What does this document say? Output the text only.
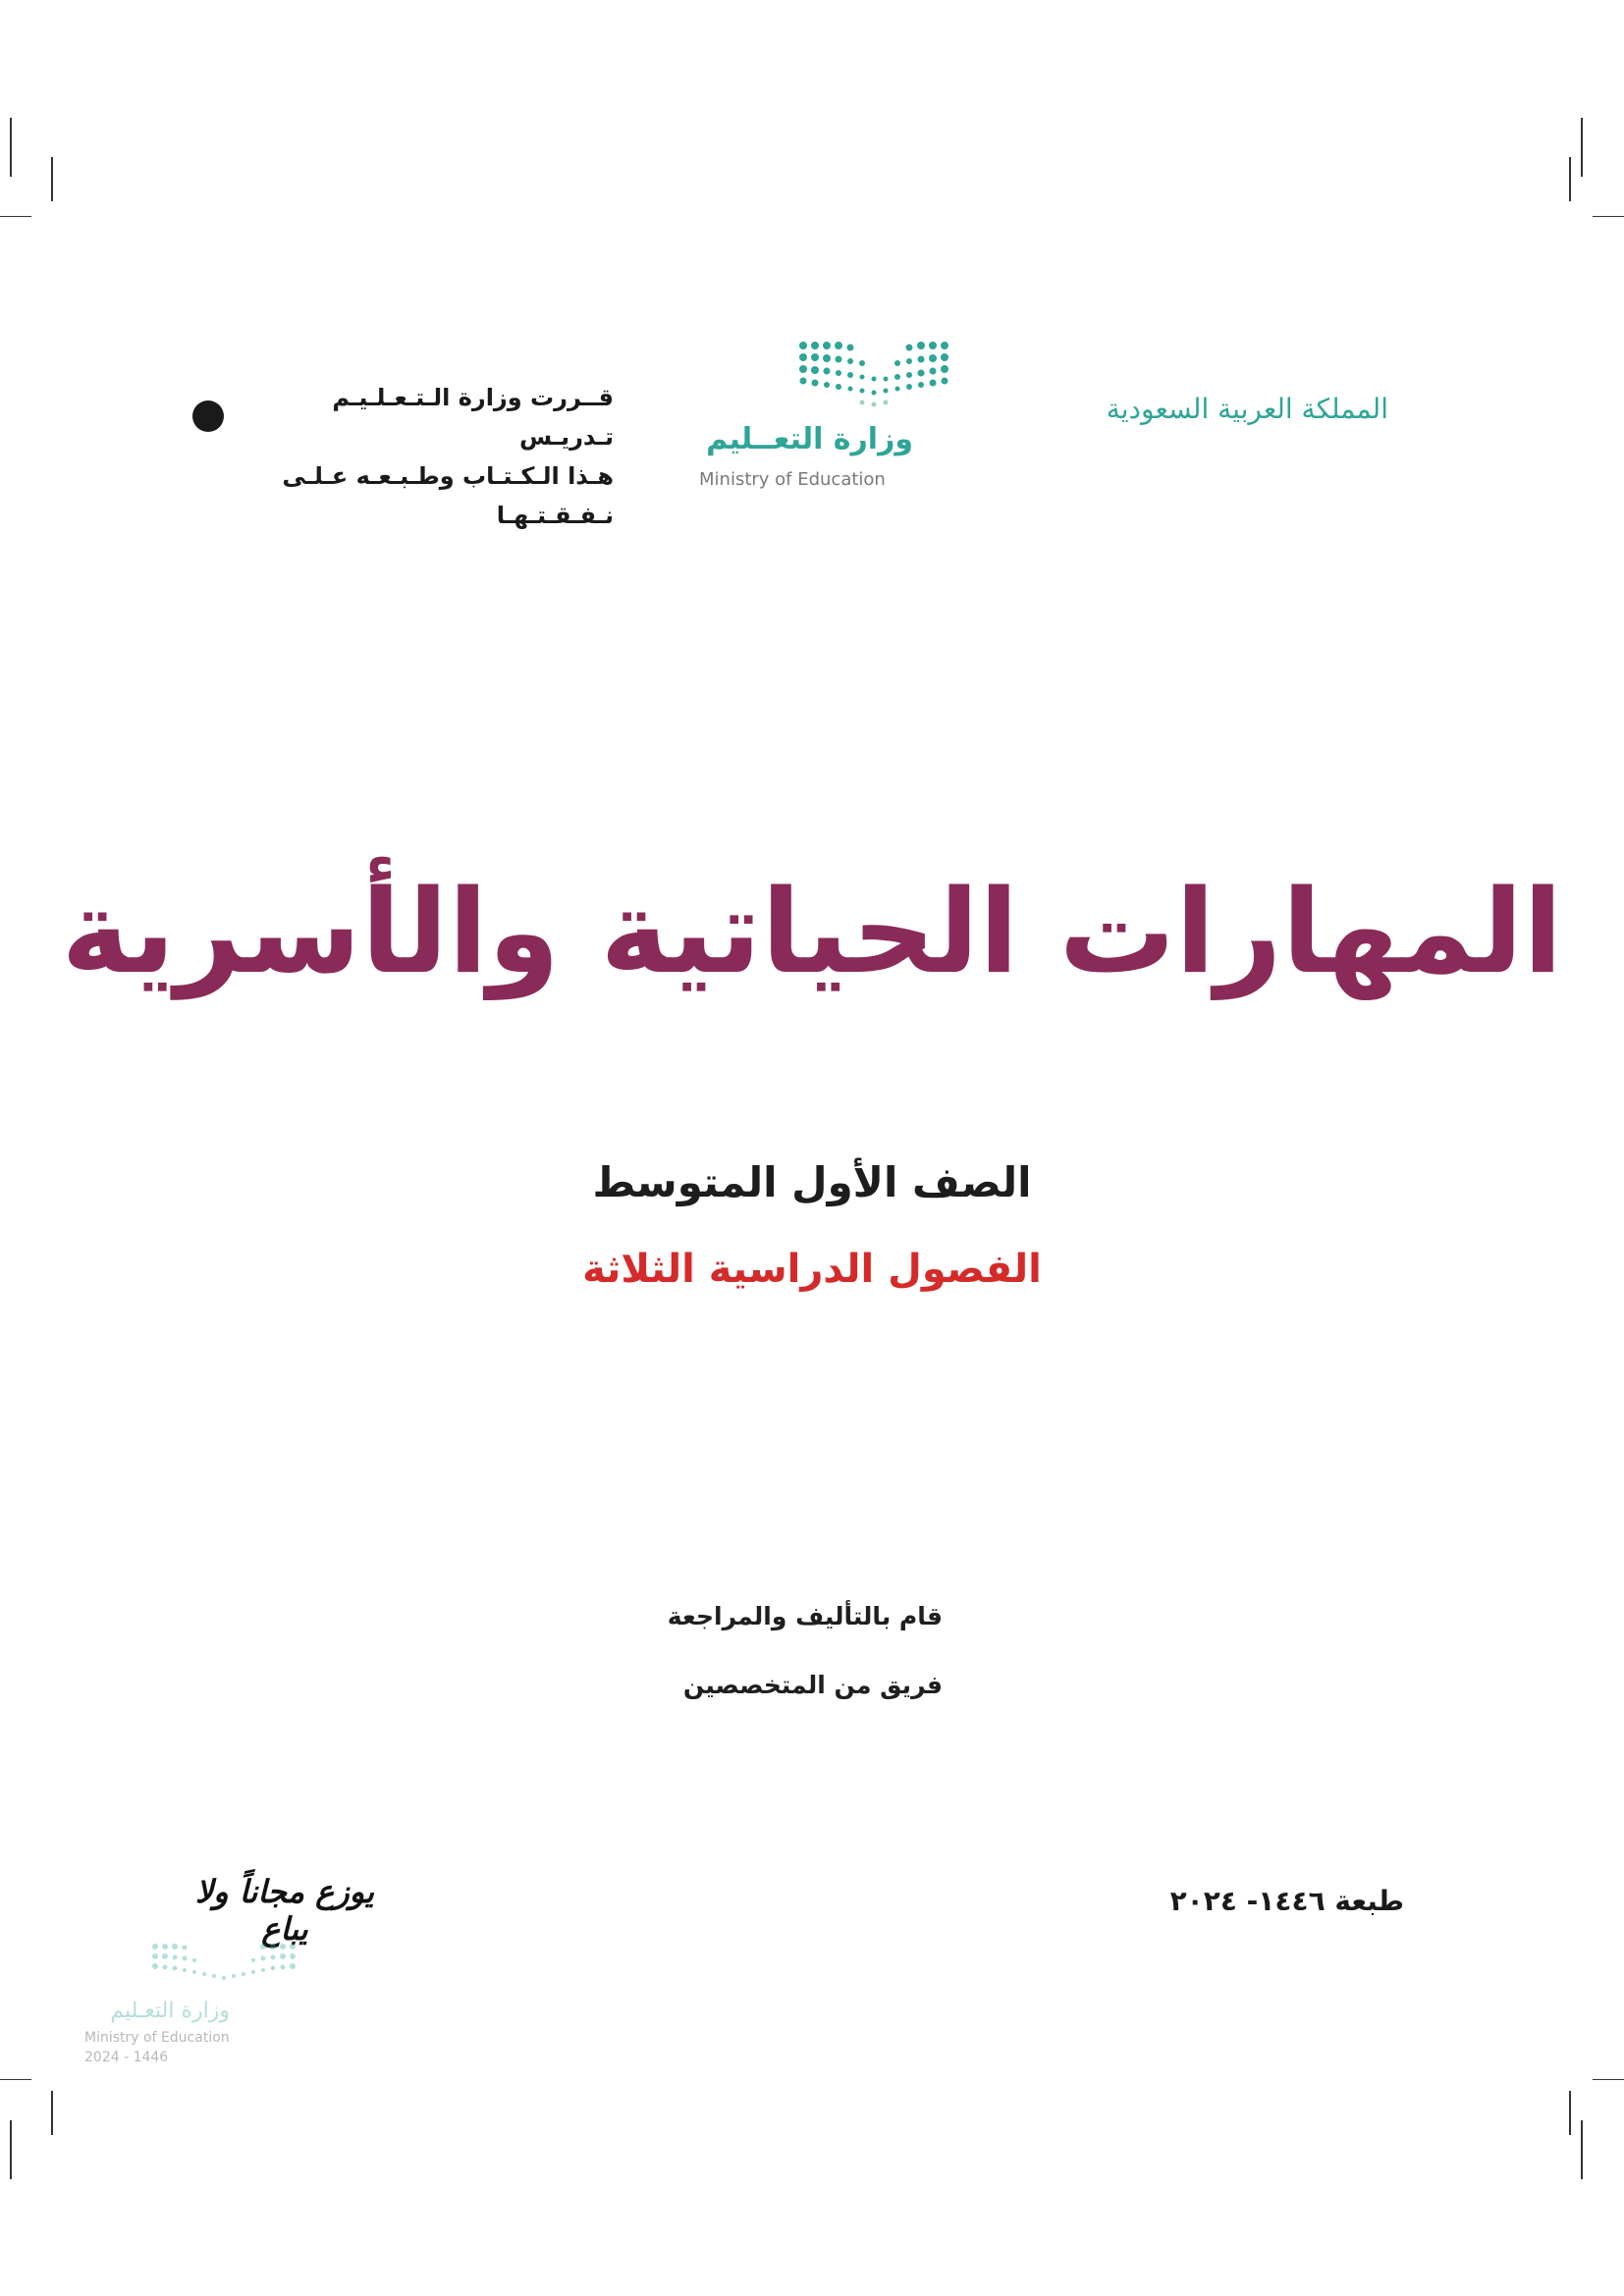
المملكة العربية السعودية
وزارة التعــليم
Ministry of Education
قــررت وزارة الـتـعـلـيـم تـدريـس
هـذا الـكـتـاب وطـبـعـه عـلـى نـفـقـتـهـا
المهارات الحياتية والأسرية
الصف الأول المتوسط
الفصول الدراسية الثلاثة
قام بالتأليف والمراجعة
فريق من المتخصصين
طبعة ١٤٤٦- ٢٠٢٤
يوزع مجاناً ولا يباع
وزارة التعـليم
Ministry of Education
2024 - 1446
